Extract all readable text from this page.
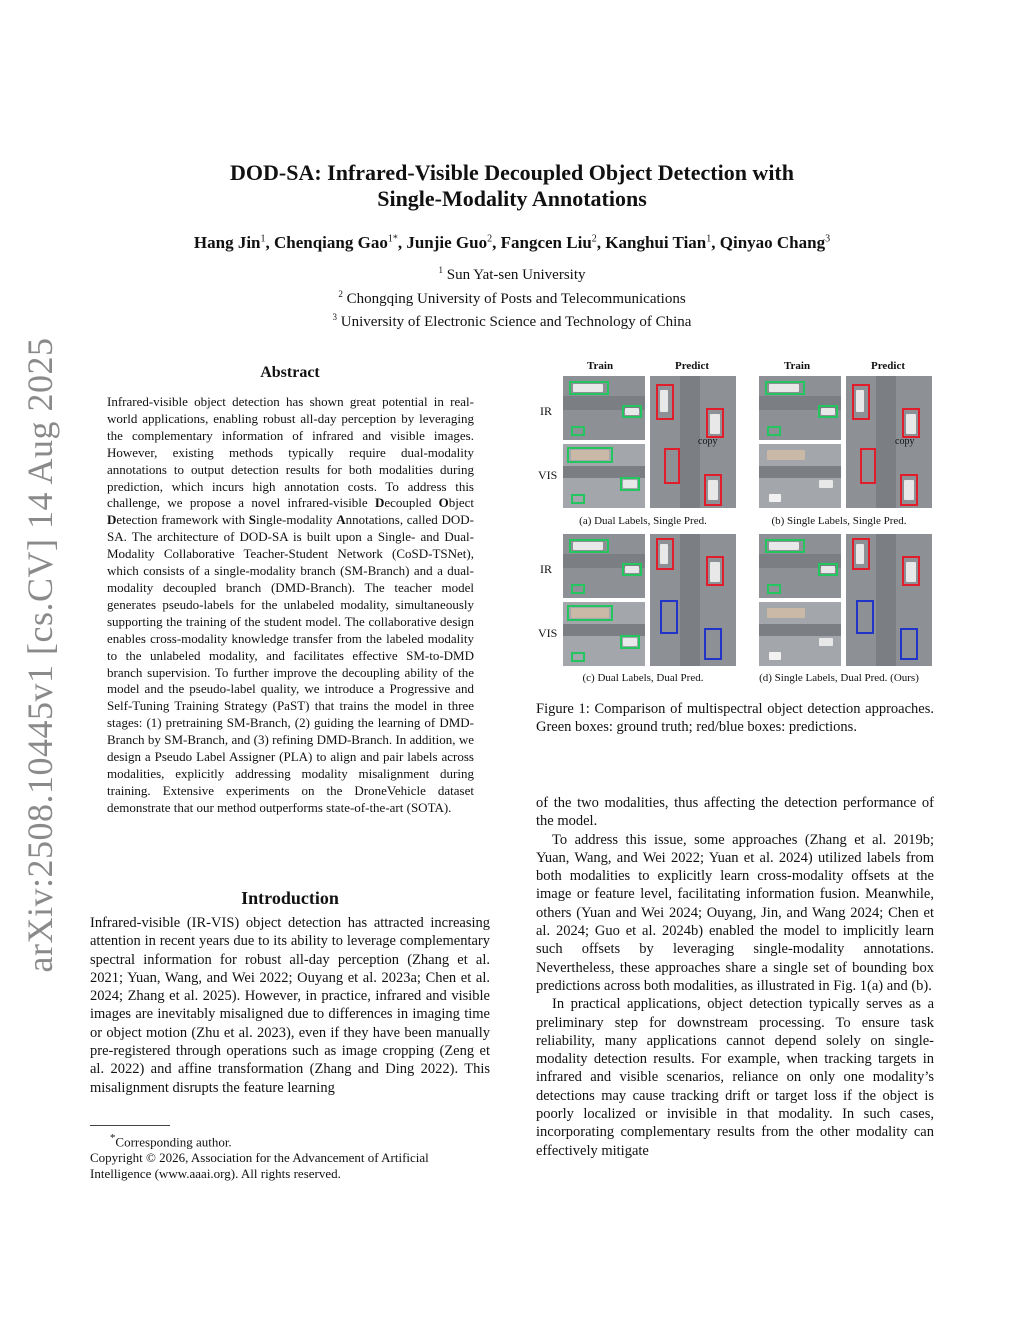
arXiv:2508.10445v1 [cs.CV] 14 Aug 2025
DOD-SA: Infrared-Visible Decoupled Object Detection with
Single-Modality Annotations
Hang Jin$^1$, Chenqiang Gao$^{1*}$, Junjie Guo$^2$, Fangcen Liu$^2$, Kanghui Tian$^1$, Qinyao Chang$^3$
$^1$ Sun Yat-sen University
$^2$ Chongqing University of Posts and Telecommunications
$^3$ University of Electronic Science and Technology of China
Abstract
Infrared-visible object detection has shown great potential in real-world applications, enabling robust all-day perception by leveraging the complementary information of infrared and visible images. However, existing methods typically require dual-modality annotations to output detection results for both modalities during prediction, which incurs high annotation costs. To address this challenge, we propose a novel infrared-visible Decoupled Object Detection framework with Single-modality Annotations, called DOD-SA. The architecture of DOD-SA is built upon a Single- and Dual-Modality Collaborative Teacher-Student Network (CoSD-TSNet), which consists of a single-modality branch (SM-Branch) and a dual-modality decoupled branch (DMD-Branch). The teacher model generates pseudo-labels for the unlabeled modality, simultaneously supporting the training of the student model. The collaborative design enables cross-modality knowledge transfer from the labeled modality to the unlabeled modality, and facilitates effective SM-to-DMD branch supervision. To further improve the decoupling ability of the model and the pseudo-label quality, we introduce a Progressive and Self-Tuning Training Strategy (PaST) that trains the model in three stages: (1) pretraining SM-Branch, (2) guiding the learning of DMD-Branch by SM-Branch, and (3) refining DMD-Branch. In addition, we design a Pseudo Label Assigner (PLA) to align and pair labels across modalities, explicitly addressing modality misalignment during training. Extensive experiments on the DroneVehicle dataset demonstrate that our method outperforms state-of-the-art (SOTA).
Introduction
Infrared-visible (IR-VIS) object detection has attracted increasing attention in recent years due to its ability to leverage complementary spectral information for robust all-day perception (Zhang et al. 2021; Yuan, Wang, and Wei 2022; Ouyang et al. 2023a; Chen et al. 2024; Zhang et al. 2025). However, in practice, infrared and visible images are inevitably misaligned due to differences in imaging time or object motion (Zhu et al. 2023), even if they have been manually pre-registered through operations such as image cropping (Zeng et al. 2022) and affine transformation (Zhang and Ding 2022). This misalignment disrupts the feature learning

*Corresponding author.

Copyright © 2026, Association for the Advancement of Artificial Intelligence (www.aaai.org). All rights reserved.

Train	Predict	Train	Predict
IR
VIS
IR
VIS
copy
(a) Dual Labels, Single Pred.
copy
(b) Single Labels, Single Pred.
(c) Dual Labels, Dual Pred.	(d) Single Labels, Dual Pred. (Ours)
Figure 1: Comparison of multispectral object detection approaches. Green boxes: ground truth; red/blue boxes: predictions.

of the two modalities, thus affecting the detection performance of the model.

To address this issue, some approaches (Zhang et al. 2019b; Yuan, Wang, and Wei 2022; Yuan et al. 2024) utilized labels from both modalities to explicitly learn cross-modality offsets at the image or feature level, facilitating information fusion. Meanwhile, others (Yuan and Wei 2024; Ouyang, Jin, and Wang 2024; Chen et al. 2024; Guo et al. 2024b) enabled the model to implicitly learn such offsets by leveraging single-modality annotations. Nevertheless, these approaches share a single set of bounding box predictions across both modalities, as illustrated in Fig. 1(a) and (b).

In practical applications, object detection typically serves as a preliminary step for downstream processing. To ensure task reliability, many applications cannot depend solely on single-modality detection results. For example, when tracking targets in infrared and visible scenarios, reliance on only one modality’s detections may cause tracking drift or target loss if the object is poorly localized or invisible in that modality. In such cases, incorporating complementary results from the other modality can effectively mitigate
